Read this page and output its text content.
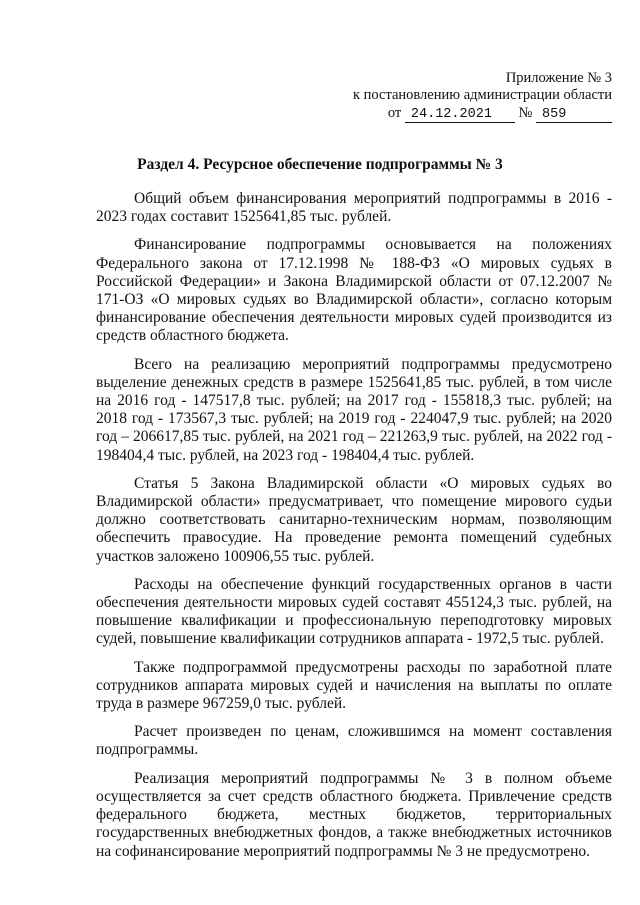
Приложение № 3
к постановлению администрации области
от 24.12.2021 № 859
Раздел 4. Ресурсное обеспечение подпрограммы № 3

Общий объем финансирования мероприятий подпрограммы в 2016 - 2023 годах составит 1525641,85 тыс. рублей.

Финансирование подпрограммы основывается на положениях Федерального закона от 17.12.1998 № 188-ФЗ «О мировых судьях в Российской Федерации» и Закона Владимирской области от 07.12.2007 № 171-ОЗ «О мировых судьях во Владимирской области», согласно которым финансирование обеспечения деятельности мировых судей производится из средств областного бюджета.

Всего на реализацию мероприятий подпрограммы предусмотрено выделение денежных средств в размере 1525641,85 тыс. рублей, в том числе на 2016 год - 147517,8 тыс. рублей; на 2017 год - 155818,3 тыс. рублей; на 2018 год - 173567,3 тыс. рублей; на 2019 год - 224047,9 тыс. рублей; на 2020 год – 206617,85 тыс. рублей, на 2021 год – 221263,9 тыс. рублей, на 2022 год - 198404,4 тыс. рублей, на 2023 год - 198404,4 тыс. рублей.

Статья 5 Закона Владимирской области «О мировых судьях во Владимирской области» предусматривает, что помещение мирового судьи должно соответствовать санитарно-техническим нормам, позволяющим обеспечить правосудие. На проведение ремонта помещений судебных участков заложено 100906,55 тыс. рублей.

Расходы на обеспечение функций государственных органов в части обеспечения деятельности мировых судей составят 455124,3 тыс. рублей, на повышение квалификации и профессиональную переподготовку мировых судей, повышение квалификации сотрудников аппарата - 1972,5 тыс. рублей.

Также подпрограммой предусмотрены расходы по заработной плате сотрудников аппарата мировых судей и начисления на выплаты по оплате труда в размере 967259,0 тыс. рублей.

Расчет произведен по ценам, сложившимся на момент составления подпрограммы.

Реализация мероприятий подпрограммы № 3 в полном объеме осуществляется за счет средств областного бюджета. Привлечение средств федерального бюджета, местных бюджетов, территориальных государственных внебюджетных фондов, а также внебюджетных источников на софинансирование мероприятий подпрограммы № 3 не предусмотрено.
